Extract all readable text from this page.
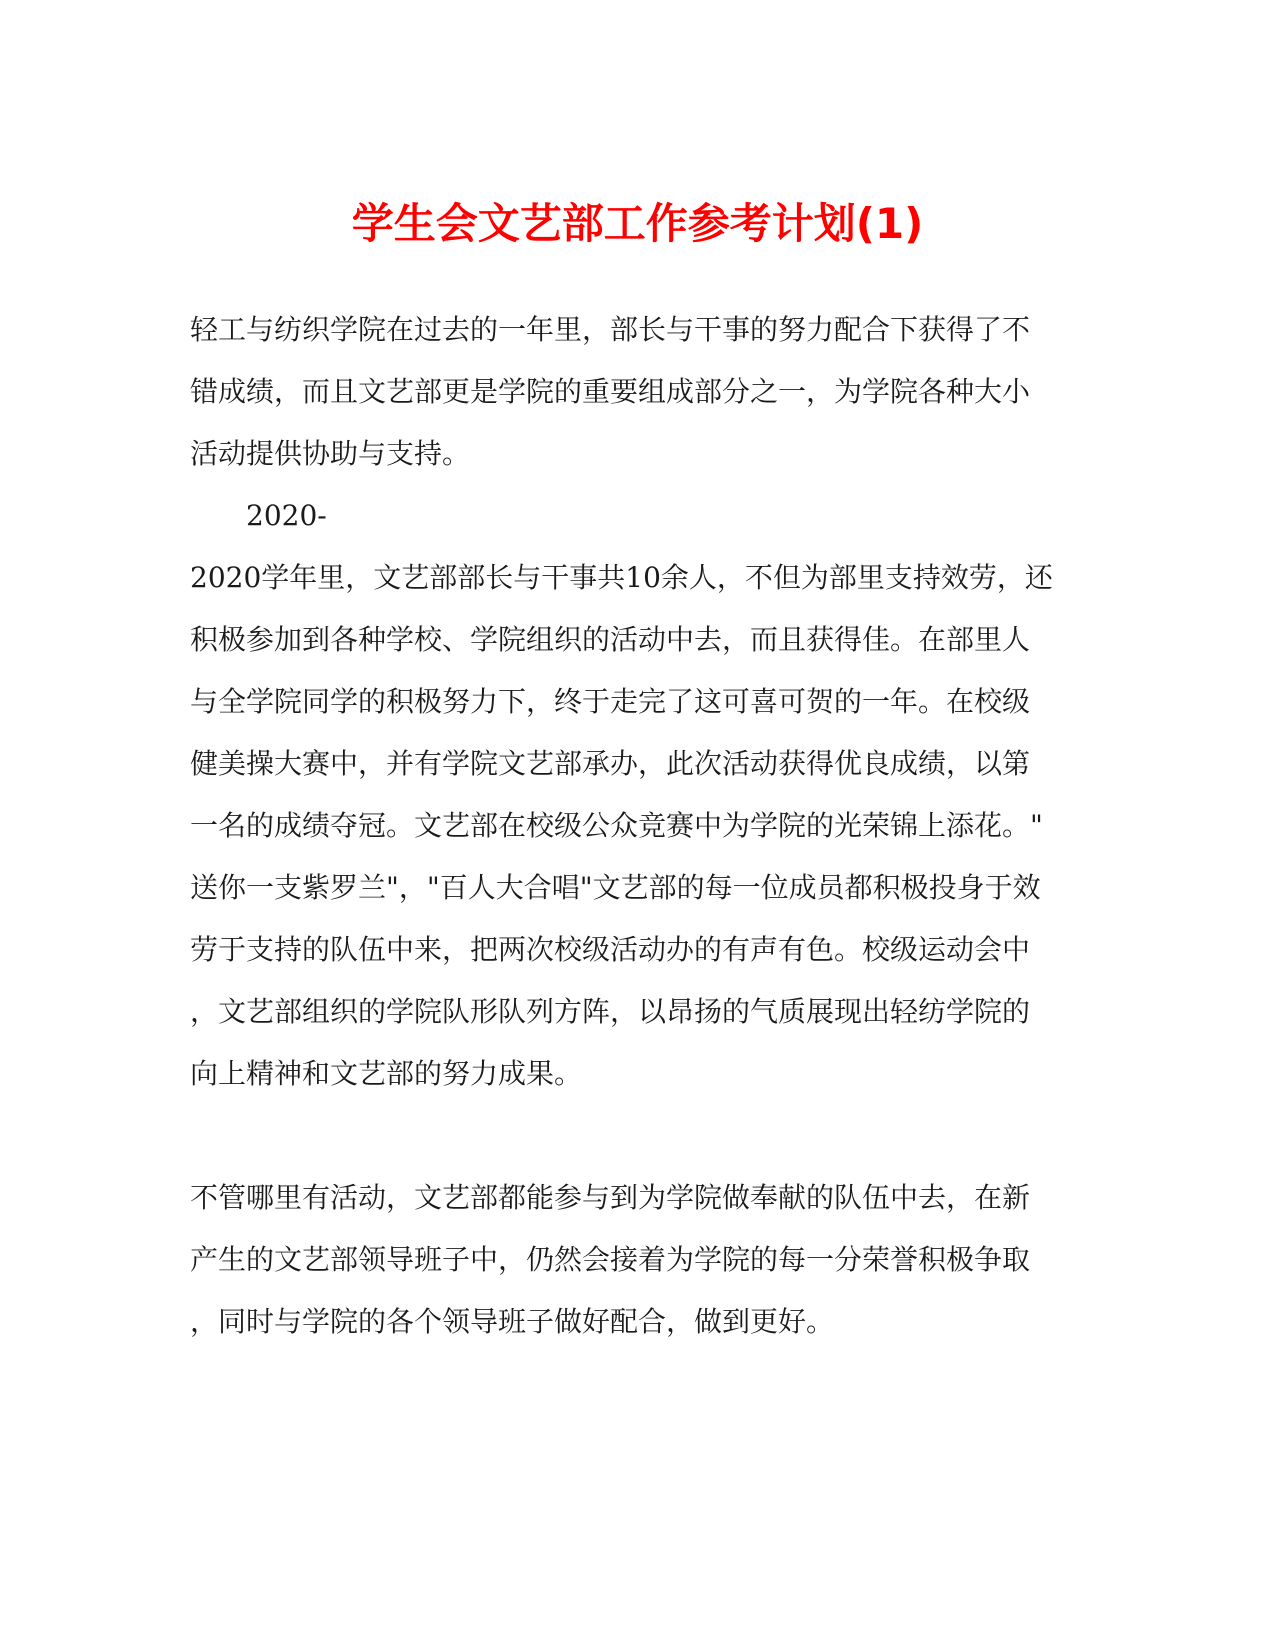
学生会文艺部工作参考计划(1)

轻工与纺织学院在过去的一年里，部长与干事的努力配合下获得了不

错成绩，而且文艺部更是学院的重要组成部分之一，为学院各种大小

活动提供协助与支持。

　　2020-

2020学年里，文艺部部长与干事共10余人，不但为部里支持效劳，还

积极参加到各种学校、学院组织的活动中去，而且获得佳。在部里人

与全学院同学的积极努力下，终于走完了这可喜可贺的一年。在校级

健美操大赛中，并有学院文艺部承办，此次活动获得优良成绩，以第

一名的成绩夺冠。文艺部在校级公众竞赛中为学院的光荣锦上添花。"

送你一支紫罗兰"，"百人大合唱"文艺部的每一位成员都积极投身于效

劳于支持的队伍中来，把两次校级活动办的有声有色。校级运动会中

，文艺部组织的学院队形队列方阵，以昂扬的气质展现出轻纺学院的

向上精神和文艺部的努力成果。

不管哪里有活动，文艺部都能参与到为学院做奉献的队伍中去，在新

产生的文艺部领导班子中，仍然会接着为学院的每一分荣誉积极争取

，同时与学院的各个领导班子做好配合，做到更好。
